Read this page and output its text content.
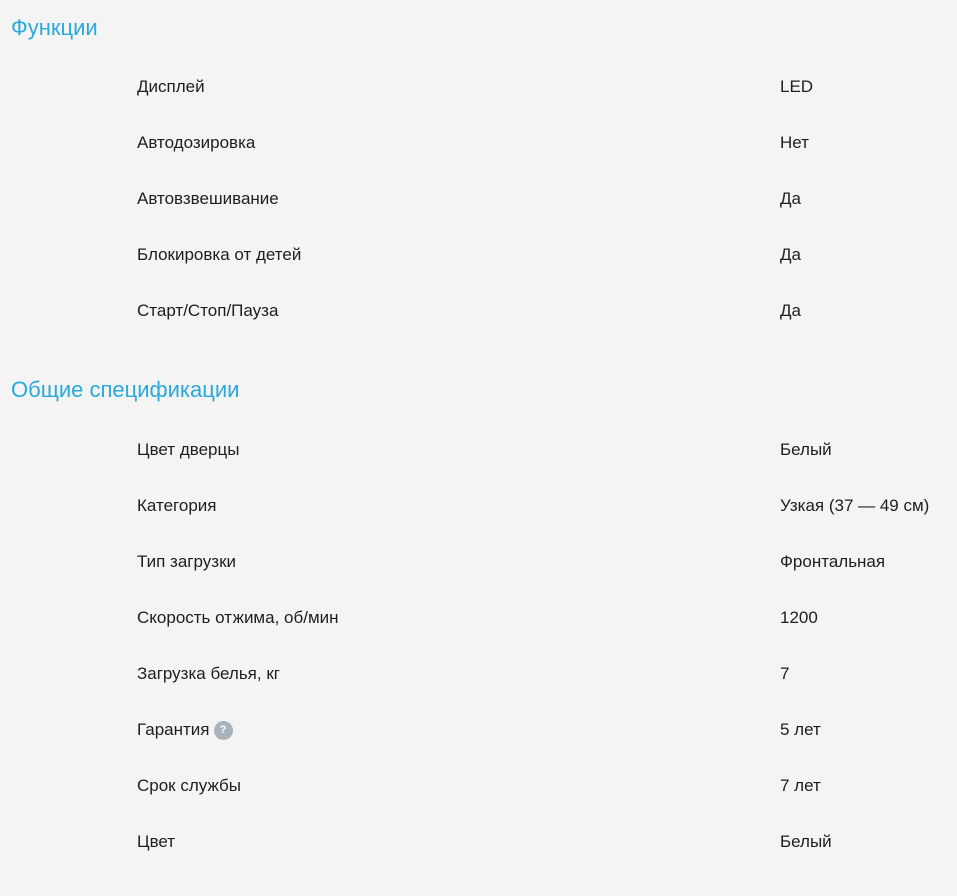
Функции
Дисплей	LED
Автодозировка	Нет
Автовзвешивание	Да
Блокировка от детей	Да
Старт/Стоп/Пауза	Да
Общие спецификации
Цвет дверцы	Белый
Категория	Узкая (37 — 49 см)
Тип загрузки	Фронтальная
Скорость отжима, об/мин	1200
Загрузка белья, кг	7
Гарантия ?	5 лет
Срок службы	7 лет
Цвет	Белый
